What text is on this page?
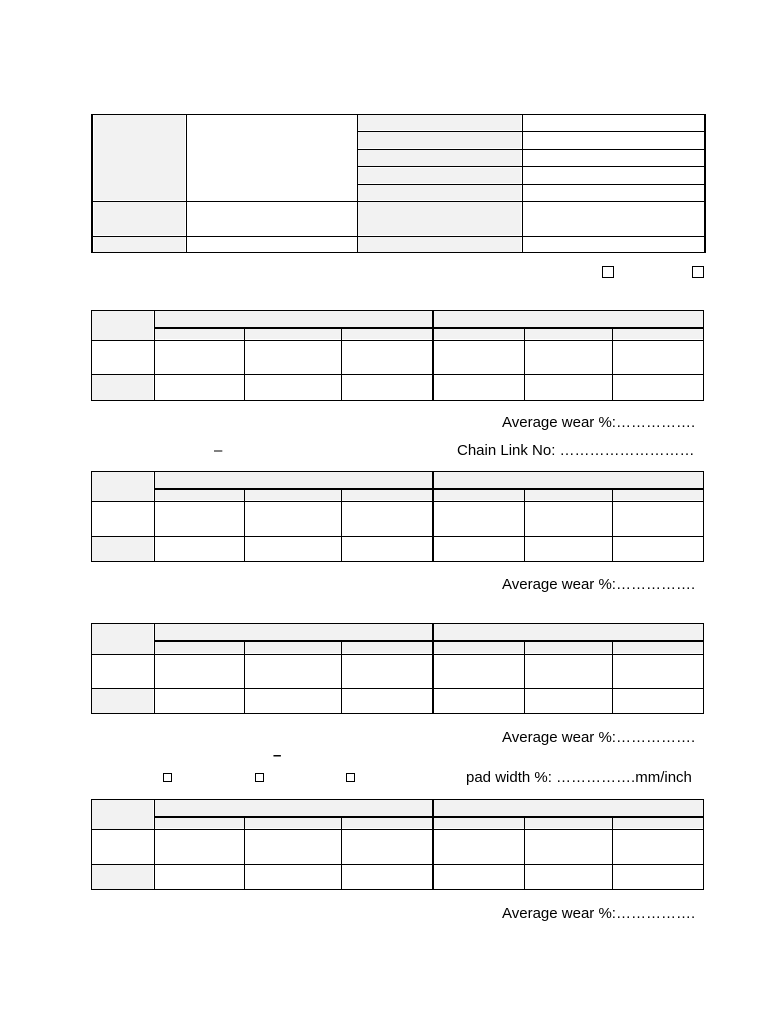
Average wear %:…………….
–	Chain Link No: ………………………
Average wear %:…………….
Average wear %:…………….
–
pad width %: …………….mm/inch
Average wear %:…………….
